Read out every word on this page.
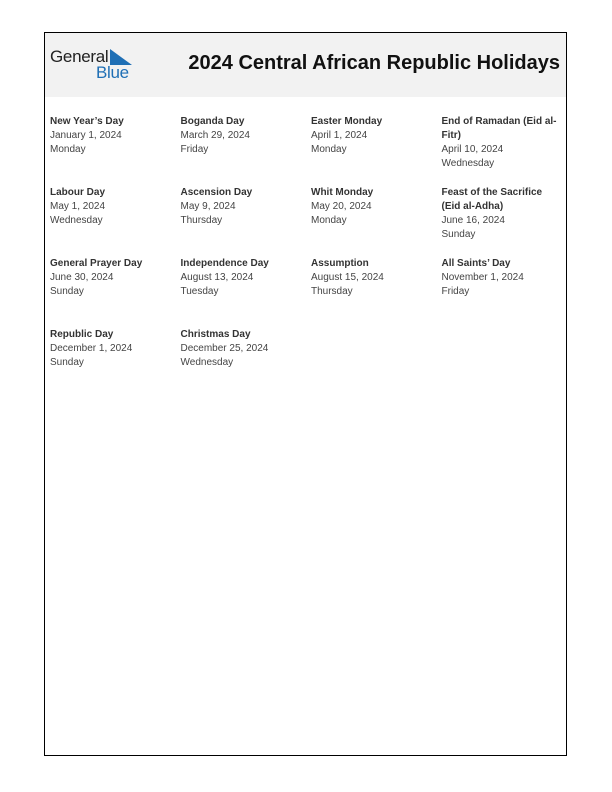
General
Blue	2024 Central African Republic Holidays
New Year’s Day
January 1, 2024
Monday
Boganda Day
March 29, 2024
Friday
Easter Monday
April 1, 2024
Monday
End of Ramadan (Eid al-Fitr)
April 10, 2024
Wednesday
Labour Day
May 1, 2024
Wednesday
Ascension Day
May 9, 2024
Thursday
Whit Monday
May 20, 2024
Monday
Feast of the Sacrifice (Eid al-Adha)
June 16, 2024
Sunday
General Prayer Day
June 30, 2024
Sunday
Independence Day
August 13, 2024
Tuesday
Assumption
August 15, 2024
Thursday
All Saints’ Day
November 1, 2024
Friday
Republic Day
December 1, 2024
Sunday
Christmas Day
December 25, 2024
Wednesday
